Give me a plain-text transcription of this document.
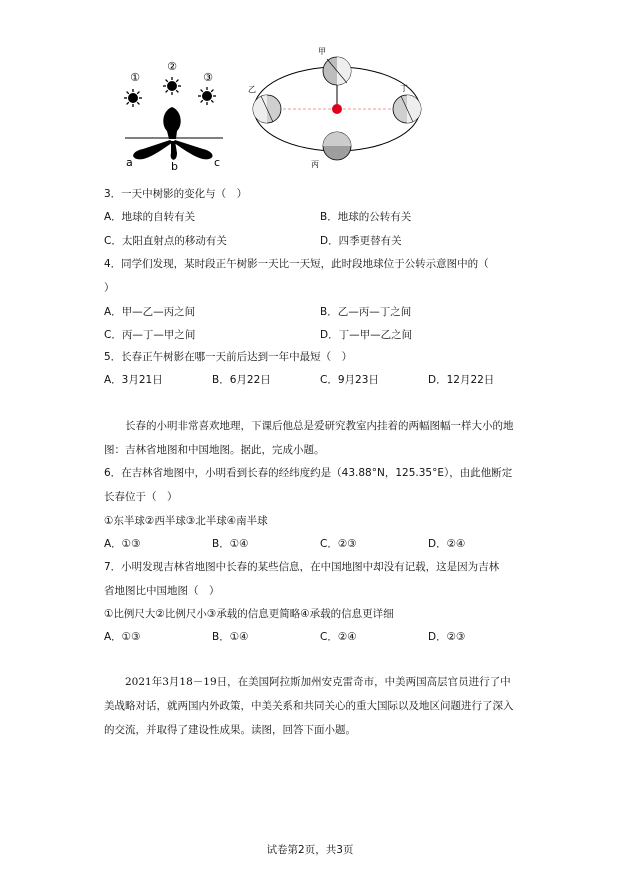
①
②
③
a	b	c
甲
乙
丙
丁
3．一天中树影的变化与（　）
A．地球的自转有关	B．地球的公转有关
C．太阳直射点的移动有关	D．四季更替有关
4．同学们发现，某时段正午树影一天比一天短，此时段地球位于公转示意图中的（
）
A．甲—乙—丙之间	B．乙—丙—丁之间
C．丙—丁—甲之间	D．丁—甲—乙之间
5．长春正午树影在哪一天前后达到一年中最短（　）
A．3月21日	B．6月22日	C．9月23日	D．12月22日
长春的小明非常喜欢地理，下课后他总是爱研究教室内挂着的两幅图幅一样大小的地图：吉林省地图和中国地图。据此，完成小题。
6．在吉林省地图中，小明看到长春的经纬度约是（43.88°N，125.35°E），由此他断定
长春位于（　）
①东半球②西半球③北半球④南半球
A．①③	B．①④	C．②③	D．②④
7．小明发现吉林省地图中长春的某些信息，在中国地图中却没有记载，这是因为吉林
省地图比中国地图（　）
①比例尺大②比例尺小③承载的信息更简略④承载的信息更详细
A．①③	B．①④	C．②④	D．②③
2021年3月18－19日，在美国阿拉斯加州安克雷奇市，中美两国高层官员进行了中美战略对话，就两国内外政策，中美关系和共同关心的重大国际以及地区问题进行了深入的交流，并取得了建设性成果。读图，回答下面小题。
试卷第2页，共3页
